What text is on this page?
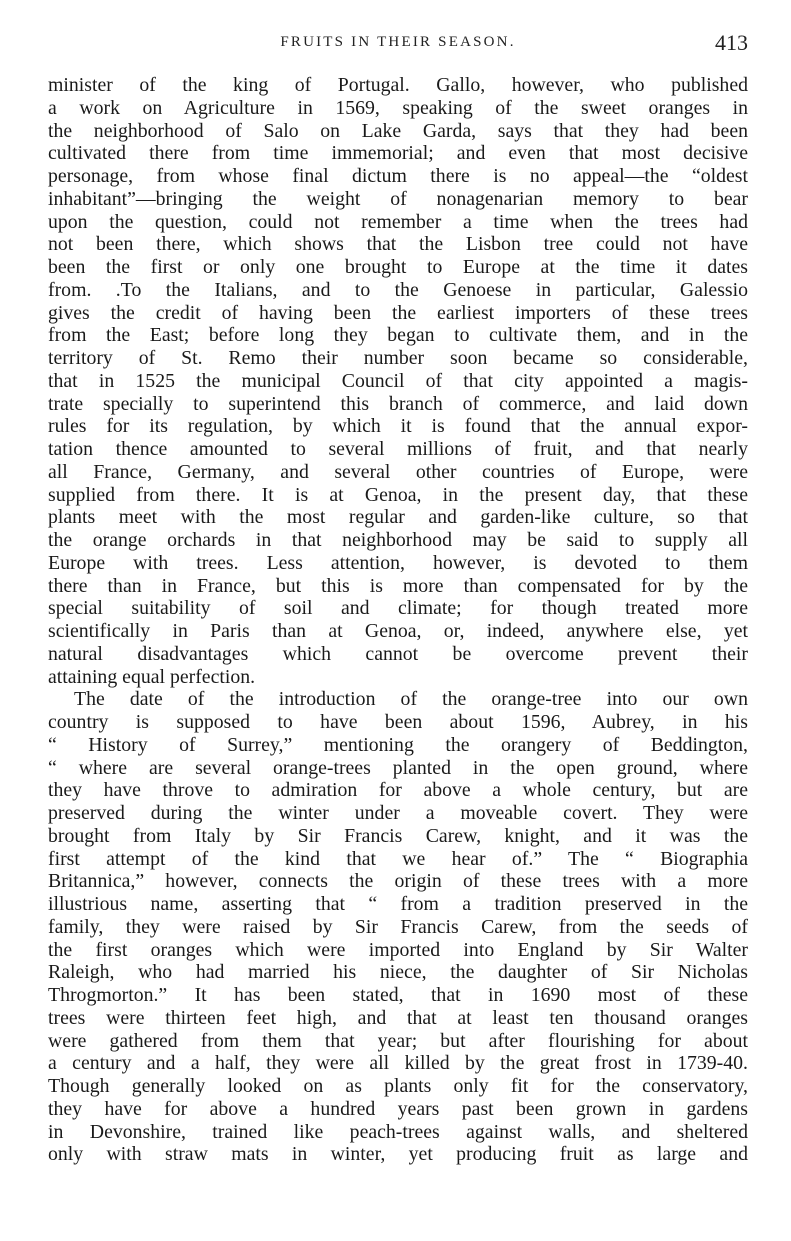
FRUITS IN THEIR SEASON.	413
minister of the king of Portugal. Gallo, however, who published
a work on Agriculture in 1569, speaking of the sweet oranges in
the neighborhood of Salo on Lake Garda, says that they had been
cultivated there from time immemorial; and even that most decisive
personage, from whose final dictum there is no appeal—the “oldest
inhabitant”—bringing the weight of nonagenarian memory to bear
upon the question, could not remember a time when the trees had
not been there, which shows that the Lisbon tree could not have
been the first or only one brought to Europe at the time it dates
from. .To the Italians, and to the Genoese in particular, Galessio
gives the credit of having been the earliest importers of these trees
from the East; before long they began to cultivate them, and in the
territory of St. Remo their number soon became so considerable,
that in 1525 the municipal Council of that city appointed a magis-
trate specially to superintend this branch of commerce, and laid down
rules for its regulation, by which it is found that the annual expor-
tation thence amounted to several millions of fruit, and that nearly
all France, Germany, and several other countries of Europe, were
supplied from there. It is at Genoa, in the present day, that these
plants meet with the most regular and garden-like culture, so that
the orange orchards in that neighborhood may be said to supply all
Europe with trees. Less attention, however, is devoted to them
there than in France, but this is more than compensated for by the
special suitability of soil and climate; for though treated more
scientifically in Paris than at Genoa, or, indeed, anywhere else, yet
natural disadvantages which cannot be overcome prevent their
attaining equal perfection.
The date of the introduction of the orange-tree into our own
country is supposed to have been about 1596, Aubrey, in his
“ History of Surrey,” mentioning the orangery of Beddington,
“ where are several orange-trees planted in the open ground, where
they have throve to admiration for above a whole century, but are
preserved during the winter under a moveable covert. They were
brought from Italy by Sir Francis Carew, knight, and it was the
first attempt of the kind that we hear of.” The “ Biographia
Britannica,” however, connects the origin of these trees with a more
illustrious name, asserting that “ from a tradition preserved in the
family, they were raised by Sir Francis Carew, from the seeds of
the first oranges which were imported into England by Sir Walter
Raleigh, who had married his niece, the daughter of Sir Nicholas
Throgmorton.” It has been stated, that in 1690 most of these
trees were thirteen feet high, and that at least ten thousand oranges
were gathered from them that year; but after flourishing for about
a century and a half, they were all killed by the great frost in 1739-40.
Though generally looked on as plants only fit for the conservatory,
they have for above a hundred years past been grown in gardens
in Devonshire, trained like peach-trees against walls, and sheltered
only with straw mats in winter, yet producing fruit as large and
